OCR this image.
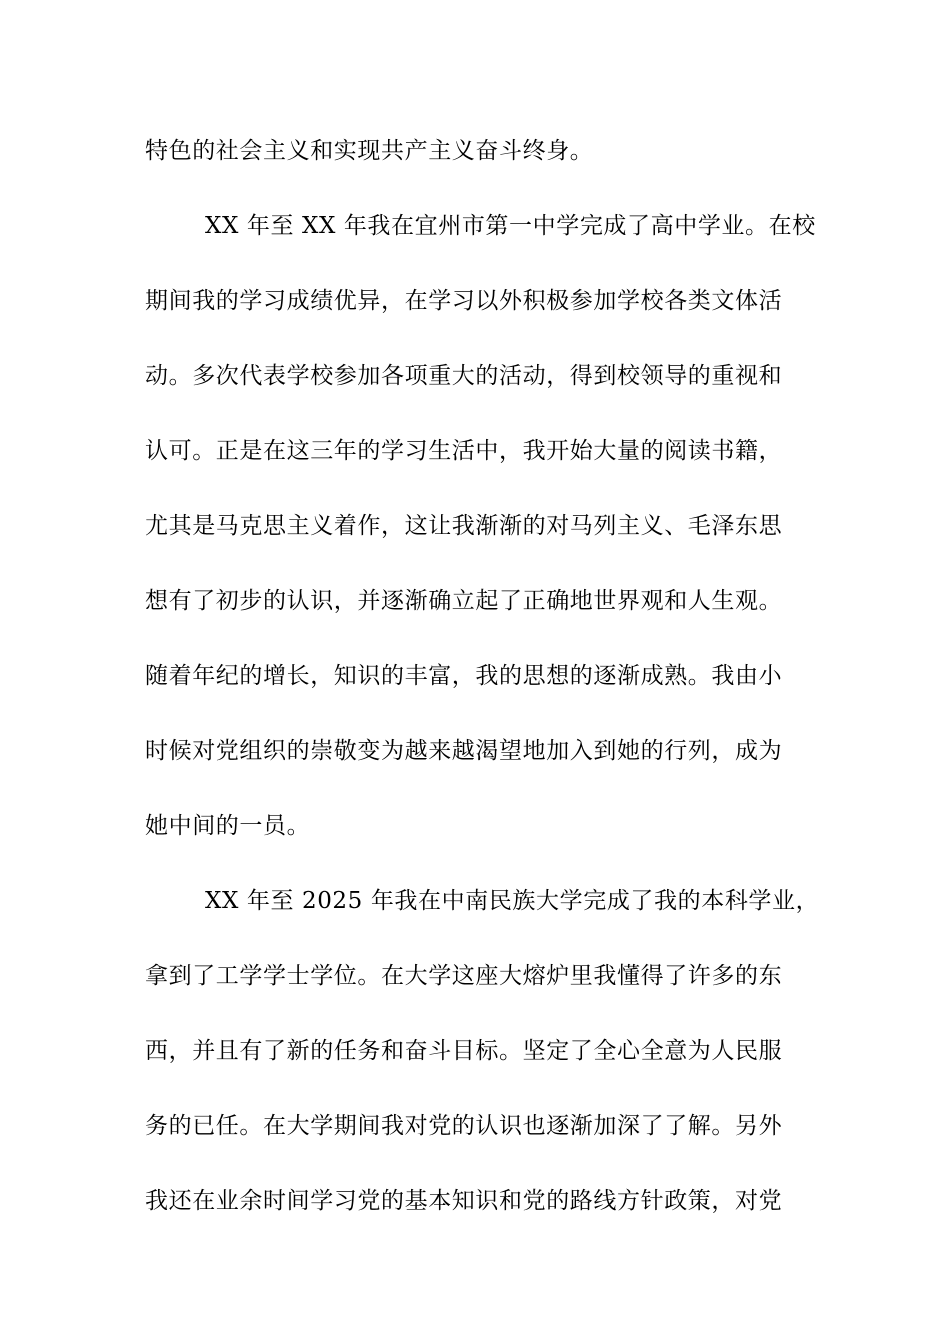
特色的社会主义和实现共产主义奋斗终身。
XX 年至 XX 年我在宜州市第一中学完成了高中学业。在校
期间我的学习成绩优异，在学习以外积极参加学校各类文体活
动。多次代表学校参加各项重大的活动，得到校领导的重视和
认可。正是在这三年的学习生活中，我开始大量的阅读书籍，
尤其是马克思主义着作，这让我渐渐的对马列主义、毛泽东思
想有了初步的认识，并逐渐确立起了正确地世界观和人生观。
随着年纪的增长，知识的丰富，我的思想的逐渐成熟。我由小
时候对党组织的崇敬变为越来越渴望地加入到她的行列，成为
她中间的一员。
XX 年至 2025 年我在中南民族大学完成了我的本科学业，
拿到了工学学士学位。在大学这座大熔炉里我懂得了许多的东
西，并且有了新的任务和奋斗目标。坚定了全心全意为人民服
务的已任。在大学期间我对党的认识也逐渐加深了了解。另外
我还在业余时间学习党的基本知识和党的路线方针政策，对党
